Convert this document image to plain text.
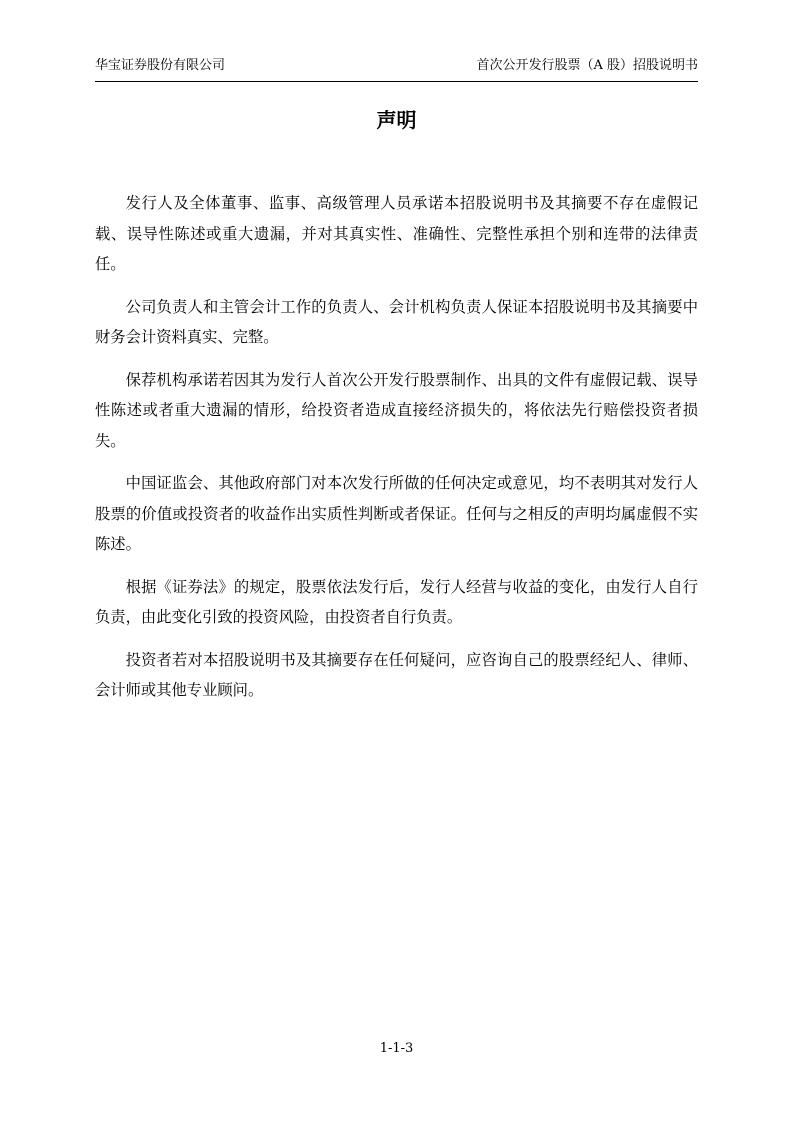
华宝证券股份有限公司	首次公开发行股票（A 股）招股说明书
声明

发行人及全体董事、监事、高级管理人员承诺本招股说明书及其摘要不存在虚假记载、误导性陈述或重大遗漏，并对其真实性、准确性、完整性承担个别和连带的法律责任。

公司负责人和主管会计工作的负责人、会计机构负责人保证本招股说明书及其摘要中财务会计资料真实、完整。

保荐机构承诺若因其为发行人首次公开发行股票制作、出具的文件有虚假记载、误导性陈述或者重大遗漏的情形，给投资者造成直接经济损失的，将依法先行赔偿投资者损失。

中国证监会、其他政府部门对本次发行所做的任何决定或意见，均不表明其对发行人股票的价值或投资者的收益作出实质性判断或者保证。任何与之相反的声明均属虚假不实陈述。

根据《证券法》的规定，股票依法发行后，发行人经营与收益的变化，由发行人自行负责，由此变化引致的投资风险，由投资者自行负责。

投资者若对本招股说明书及其摘要存在任何疑问，应咨询自己的股票经纪人、律师、会计师或其他专业顾问。

1-1-3
